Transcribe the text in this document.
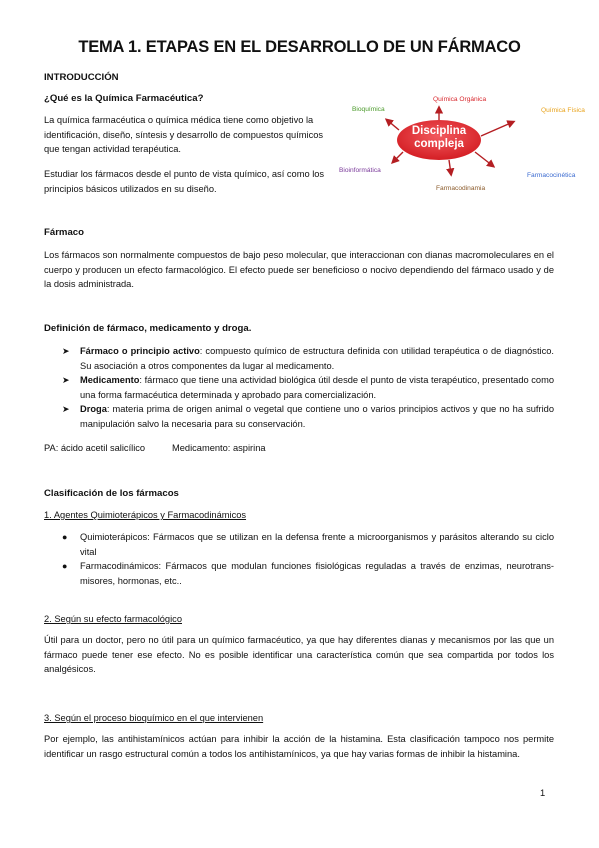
TEMA 1. ETAPAS EN EL DESARROLLO DE UN FÁRMACO
INTRODUCCIÓN
¿Qué es la Química Farmacéutica?
La química farmacéutica o química médica tiene como objetivo la identificación, diseño, síntesis y desarrollo de compuestos químicos que tengan actividad terapéutica.
Estudiar los fármacos desde el punto de vista químico, así como los principios básicos utilizados en su diseño.
Disciplina
compleja
Bioquímica
Química Orgánica
Química Física
Bioinformática
Farmacodinamia
Farmacocinética
Fármaco
Los fármacos son normalmente compuestos de bajo peso molecular, que interaccionan con dianas macromoleculares en el cuerpo y producen un efecto farmacológico. El efecto puede ser beneficioso o nocivo dependiendo del fármaco usado y de la dosis administrada.
Definición de fármaco, medicamento y droga.
➤ Fármaco o principio activo: compuesto químico de estructura definida con utilidad terapéutica o de diagnóstico. Su asociación a otros componentes da lugar al medicamento.
➤ Medicamento: fármaco que tiene una actividad biológica útil desde el punto de vista terapéutico, presentado como una forma farmacéutica determinada y aprobado para comercialización.
➤ Droga: materia prima de origen animal o vegetal que contiene uno o varios principios activos y que no ha sufrido manipulación salvo la necesaria para su conservación.
PA: ácido acetil salicílico	Medicamento: aspirina
Clasificación de los fármacos
1. Agentes Quimioterápicos y Farmacodinámicos
● Quimioterápicos: Fármacos que se utilizan en la defensa frente a microorganismos y parásitos alterando su ciclo vital
● Farmacodinámicos: Fármacos que modulan funciones fisiológicas reguladas a través de enzimas, neurotrans- misores, hormonas, etc..
2. Según su efecto farmacológico
Útil para un doctor, pero no útil para un químico farmacéutico, ya que hay diferentes dianas y mecanismos por las que un fármaco puede tener ese efecto. No es posible identificar una característica común que sea compartida por todos los analgésicos.
3. Según el proceso bioquímico en el que intervienen
Por ejemplo, las antihistamínicos actúan para inhibir la acción de la histamina. Esta clasificación tampoco nos permite identificar un rasgo estructural común a todos los antihistamínicos, ya que hay varias formas de inhibir la histamina.
1
